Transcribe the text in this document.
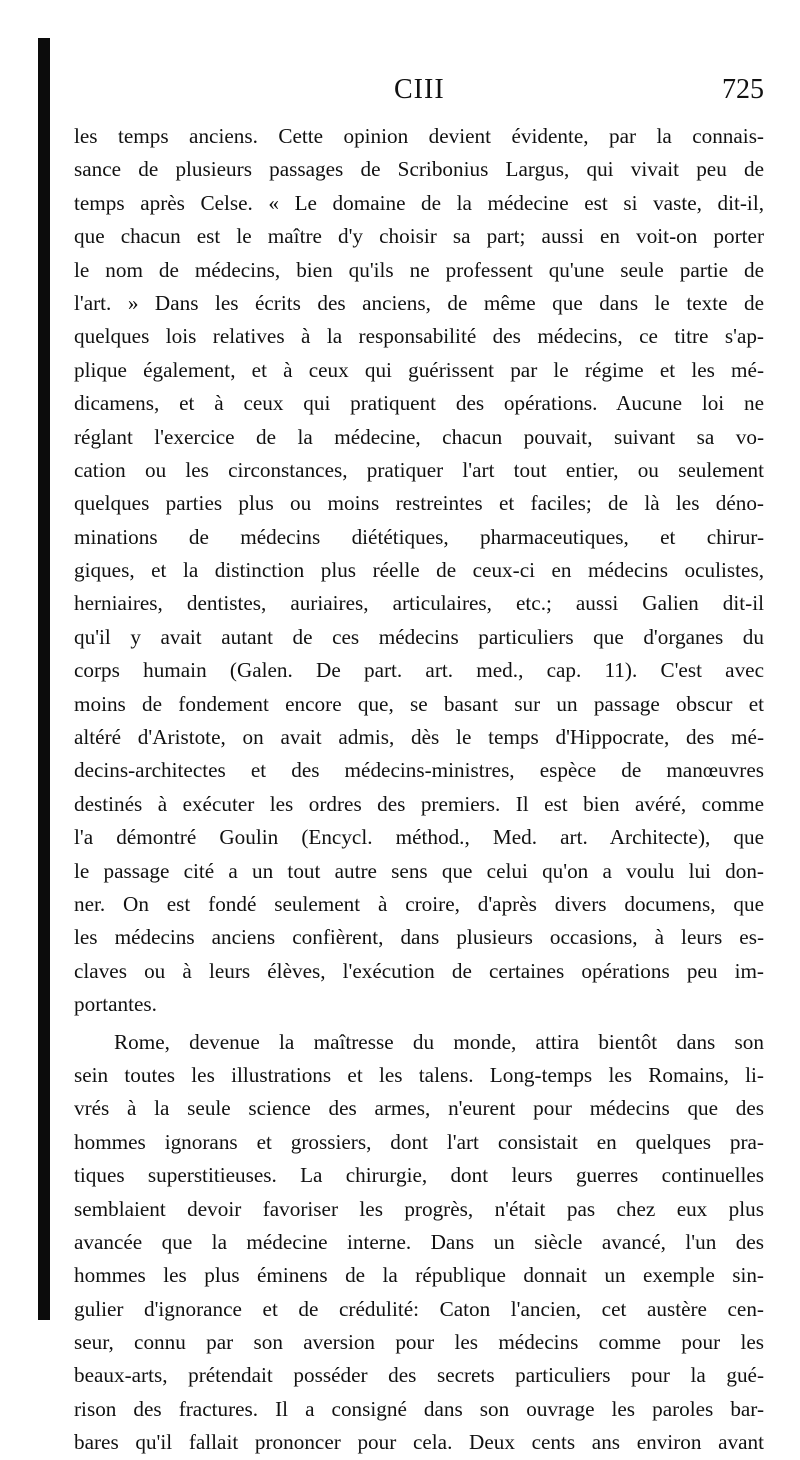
CIII	725

les temps anciens. Cette opinion devient évidente, par la connais-
sance de plusieurs passages de Scribonius Largus, qui vivait peu de
temps après Celse. « Le domaine de la médecine est si vaste, dit-il,
que chacun est le maître d'y choisir sa part; aussi en voit-on porter
le nom de médecins, bien qu'ils ne professent qu'une seule partie de
l'art. » Dans les écrits des anciens, de même que dans le texte de
quelques lois relatives à la responsabilité des médecins, ce titre s'ap-
plique également, et à ceux qui guérissent par le régime et les mé-
dicamens, et à ceux qui pratiquent des opérations. Aucune loi ne
réglant l'exercice de la médecine, chacun pouvait, suivant sa vo-
cation ou les circonstances, pratiquer l'art tout entier, ou seulement
quelques parties plus ou moins restreintes et faciles; de là les déno-
minations de médecins diététiques, pharmaceutiques, et chirur-
giques, et la distinction plus réelle de ceux-ci en médecins oculistes,
herniaires, dentistes, auriaires, articulaires, etc.; aussi Galien dit-il
qu'il y avait autant de ces médecins particuliers que d'organes du
corps humain (Galen. De part. art. med., cap. 11). C'est avec
moins de fondement encore que, se basant sur un passage obscur et
altéré d'Aristote, on avait admis, dès le temps d'Hippocrate, des mé-
decins-architectes et des médecins-ministres, espèce de manœuvres
destinés à exécuter les ordres des premiers. Il est bien avéré, comme
l'a démontré Goulin (Encycl. méthod., Med. art. Architecte), que
le passage cité a un tout autre sens que celui qu'on a voulu lui don-
ner. On est fondé seulement à croire, d'après divers documens, que
les médecins anciens confièrent, dans plusieurs occasions, à leurs es-
claves ou à leurs élèves, l'exécution de certaines opérations peu im-
portantes.

Rome, devenue la maîtresse du monde, attira bientôt dans son
sein toutes les illustrations et les talens. Long-temps les Romains, li-
vrés à la seule science des armes, n'eurent pour médecins que des
hommes ignorans et grossiers, dont l'art consistait en quelques pra-
tiques superstitieuses. La chirurgie, dont leurs guerres continuelles
semblaient devoir favoriser les progrès, n'était pas chez eux plus
avancée que la médecine interne. Dans un siècle avancé, l'un des
hommes les plus éminens de la république donnait un exemple sin-
gulier d'ignorance et de crédulité: Caton l'ancien, cet austère cen-
seur, connu par son aversion pour les médecins comme pour les
beaux-arts, prétendait posséder des secrets particuliers pour la gué-
rison des fractures. Il a consigné dans son ouvrage les paroles bar-
bares qu'il fallait prononcer pour cela. Deux cents ans environ avant
